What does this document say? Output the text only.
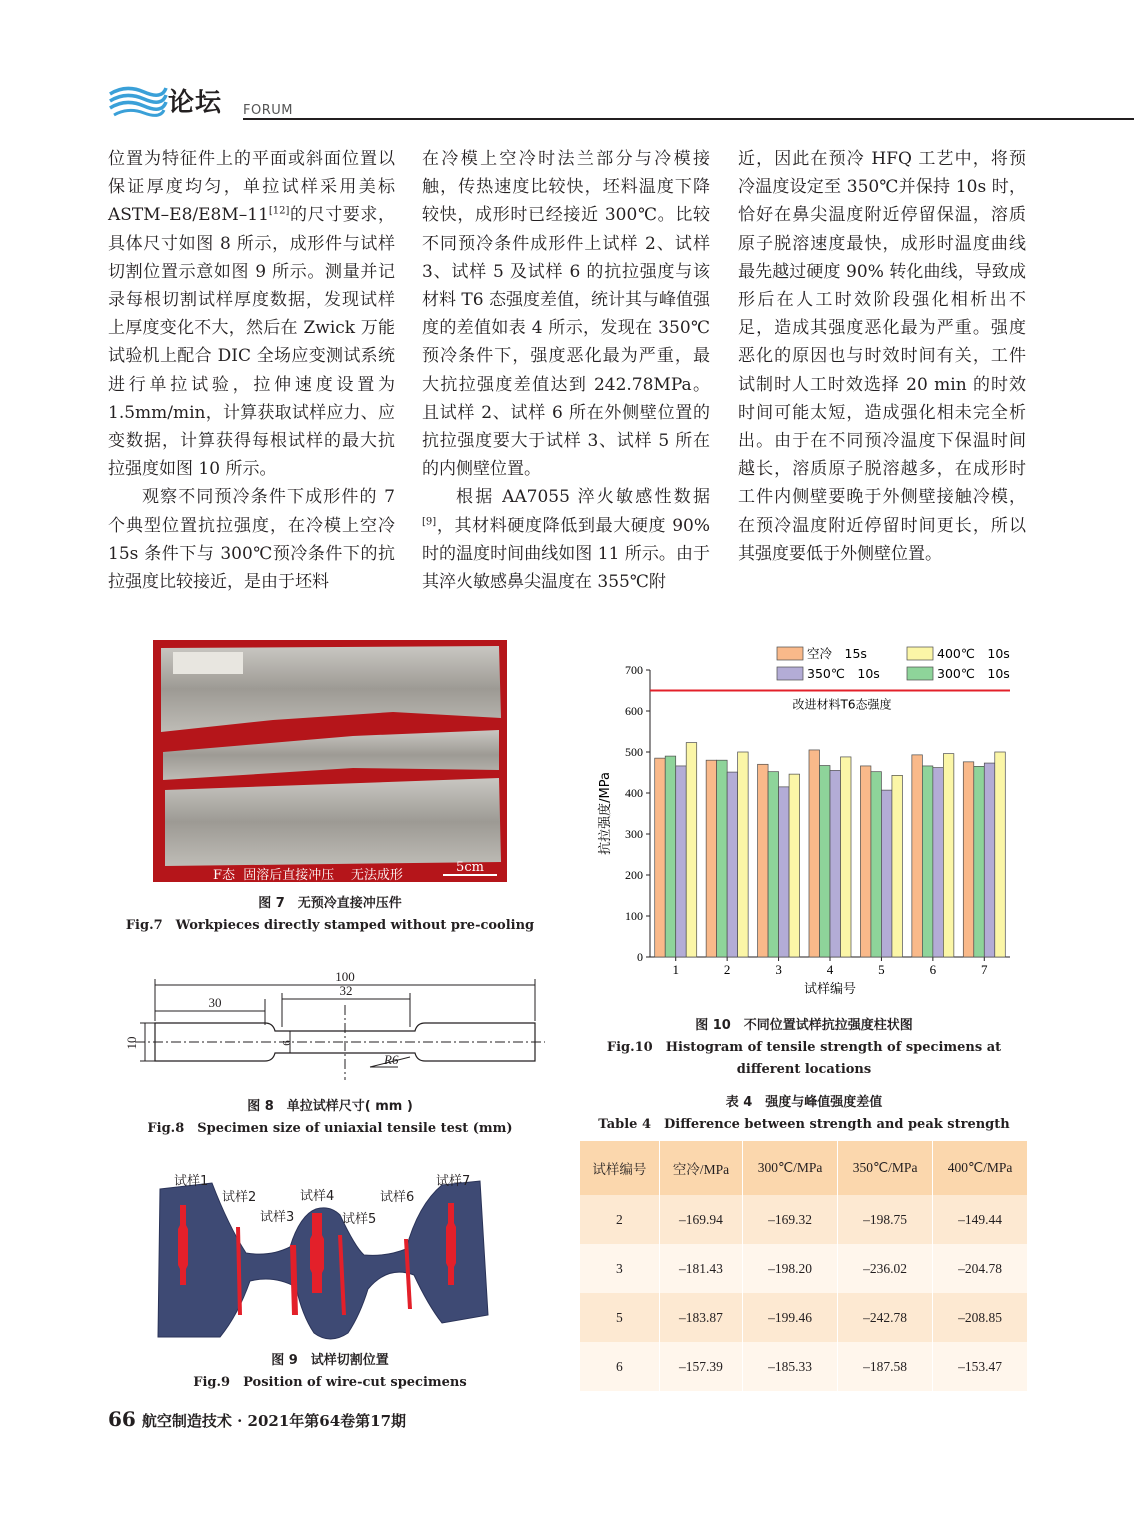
论坛 FORUM

位置为特征件上的平面或斜面位置以保证厚度均匀，单拉试样采用美标ASTM–E8/E8M–11[12]的尺寸要求，具体尺寸如图 8 所示，成形件与试样切割位置示意如图 9 所示。测量并记录每根切割试样厚度数据，发现试样上厚度变化不大，然后在 Zwick 万能试验机上配合 DIC 全场应变测试系统进行单拉试验，拉伸速度设置为 1.5mm/min，计算获取试样应力、应变数据，计算获得每根试样的最大抗拉强度如图 10 所示。

观察不同预冷条件下成形件的 7 个典型位置抗拉强度，在冷模上空冷 15s 条件下与 300℃预冷条件下的抗拉强度比较接近，是由于坯料

在冷模上空冷时法兰部分与冷模接触，传热速度比较快，坯料温度下降较快，成形时已经接近 300℃。比较不同预冷条件成形件上试样 2、试样 3、试样 5 及试样 6 的抗拉强度与该材料 T6 态强度差值，统计其与峰值强度的差值如表 4 所示，发现在 350℃预冷条件下，强度恶化最为严重，最大抗拉强度差值达到 242.78MPa。且试样 2、试样 6 所在外侧壁位置的抗拉强度要大于试样 3、试样 5 所在的内侧壁位置。

根据 AA7055 淬火敏感性数据[9]，其材料硬度降低到最大硬度 90% 时的温度时间曲线如图 11 所示。由于其淬火敏感鼻尖温度在 355℃附

近，因此在预冷 HFQ 工艺中，将预冷温度设定至 350℃并保持 10s 时，恰好在鼻尖温度附近停留保温，溶质原子脱溶速度最快，成形时温度曲线最先越过硬度 90% 转化曲线，导致成形后在人工时效阶段强化相析出不足，造成其强度恶化最为严重。强度恶化的原因也与时效时间有关，工件试制时人工时效选择 20 min 的时效时间可能太短，造成强化相未完全析出。由于在不同预冷温度下保温时间越长，溶质原子脱溶越多，在成形时工件内侧壁要晚于外侧壁接触冷模，在预冷温度附近停留时间更长，所以其强度要低于外侧壁位置。

F态  固溶后直接冲压    无法成形
5cm
图 7　无预冷直接冲压件
Fig.7　Workpieces directly stamped without pre-cooling
100
32
30
10	6
R6
图 8　单拉试样尺寸( mm )
Fig.8　Specimen size of uniaxial tensile test (mm)
试样1
试样2
试样3
试样4
试样5
试样6
试样7
图 9　试样切割位置
Fig.9　Position of wire-cut specimens
空冷　15s
300℃　10s
350℃　10s
400℃　10s
0
100
200
300
400
500
600
700
1	2	3	4	5	6	7
改进材料T6态强度
抗拉强度/MPa
试样编号
图 10　不同位置试样抗拉强度柱状图
Fig.10　Histogram of tensile strength of specimens at different locations
表 4　强度与峰值强度差值
Table 4　Difference between strength and peak strength
试样编号	空冷/MPa	300℃/MPa	350℃/MPa	400℃/MPa
2	–169.94	–169.32	–198.75	–149.44
3	–181.43	–198.20	–236.02	–204.78
5	–183.87	–199.46	–242.78	–208.85
6	–157.39	–185.33	–187.58	–153.47
66 航空制造技术 · 2021年第64卷第17期
